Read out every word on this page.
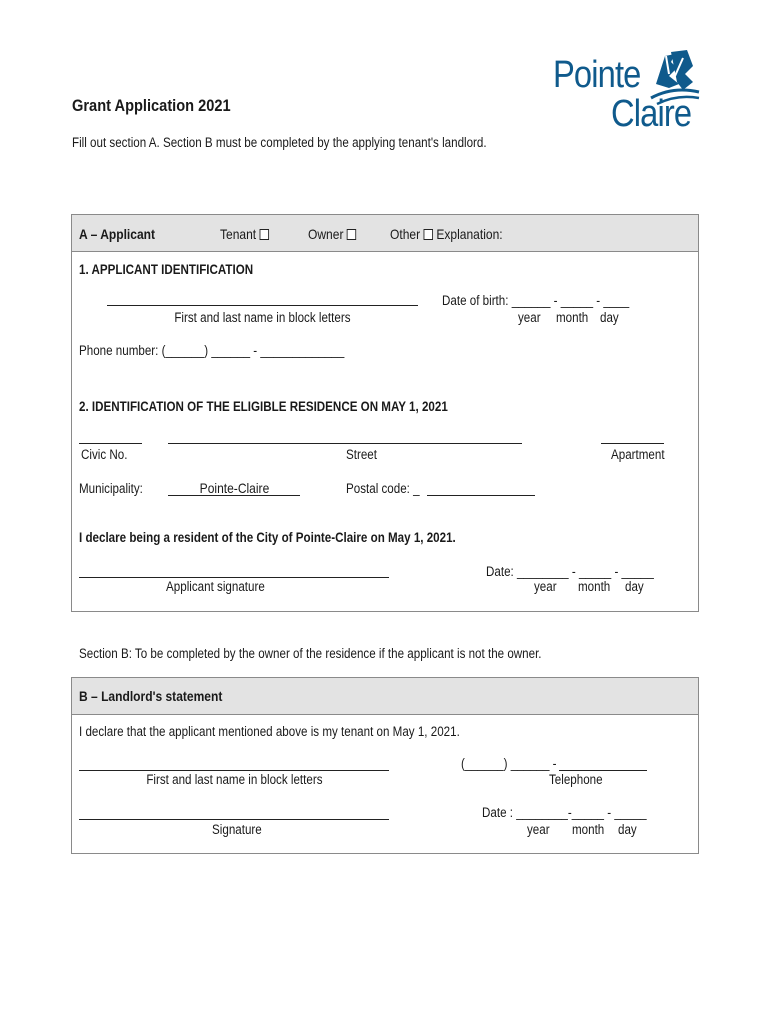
Grant Application 2021
Fill out section A. Section B must be completed by the applying tenant's landlord.
Pointe
Claire
A – Applicant	Tenant	Owner	Other Explanation:
1. APPLICANT IDENTIFICATION
First and last name in block letters
Date of birth: ______ - _____ - ____
year month day
Phone number: (______) ______ - _____________
2. IDENTIFICATION OF THE ELIGIBLE RESIDENCE ON MAY 1, 2021
Civic No.	Street	Apartment
Municipality:	Pointe-Claire	Postal code: _
I declare being a resident of the City of Pointe-Claire on May 1, 2021.
Applicant signature
Date: ________ - _____ - _____
year month	day
Section B: To be completed by the owner of the residence if the applicant is not the owner.
B – Landlord's statement
I declare that the applicant mentioned above is my tenant on May 1, 2021.
First and last name in block letters
(______) ______ -
Telephone
Signature
Date : ________-_____ - _____
year month	day
